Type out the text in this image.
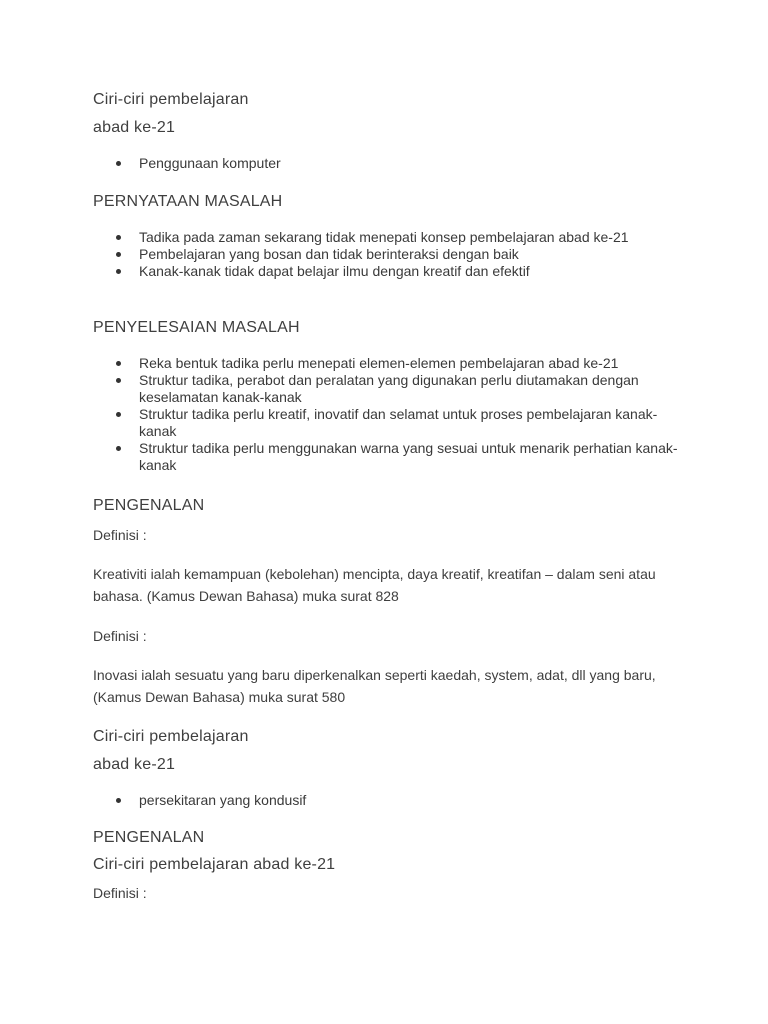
Ciri-ciri pembelajaran
abad ke-21
Penggunaan komputer
PERNYATAAN MASALAH
Tadika pada zaman sekarang tidak menepati konsep pembelajaran abad ke-21
Pembelajaran yang bosan dan tidak berinteraksi dengan baik
Kanak-kanak tidak dapat belajar ilmu dengan kreatif dan efektif
PENYELESAIAN MASALAH
Reka bentuk tadika perlu menepati elemen-elemen pembelajaran abad ke-21
Struktur tadika, perabot dan peralatan yang digunakan perlu diutamakan dengan keselamatan kanak-kanak
Struktur tadika perlu kreatif, inovatif dan selamat untuk proses pembelajaran kanak-kanak
Struktur tadika perlu menggunakan warna yang sesuai untuk menarik perhatian kanak-kanak
PENGENALAN
Definisi :
Kreativiti ialah kemampuan (kebolehan) mencipta, daya kreatif, kreatifan – dalam seni atau bahasa. (Kamus Dewan Bahasa) muka surat 828
Definisi :
Inovasi ialah sesuatu yang baru diperkenalkan seperti kaedah, system, adat, dll yang baru, (Kamus Dewan Bahasa) muka surat 580
Ciri-ciri pembelajaran
abad ke-21
persekitaran yang kondusif
PENGENALAN
Ciri-ciri pembelajaran abad ke-21
Definisi :
